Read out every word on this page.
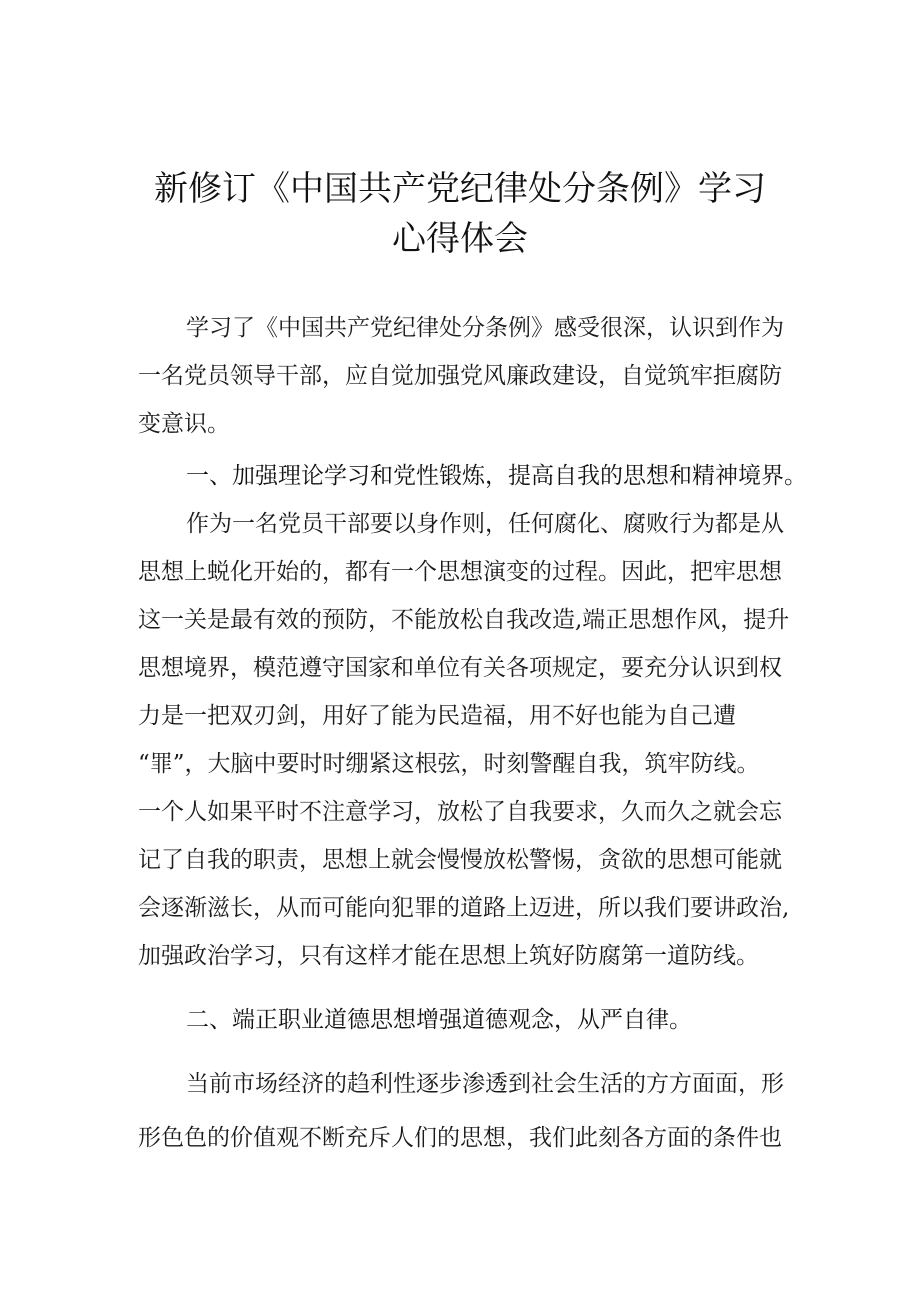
新修订《中国共产党纪律处分条例》学习
心得体会
学习了《中国共产党纪律处分条例》感受很深，认识到作为
一名党员领导干部，应自觉加强党风廉政建设，自觉筑牢拒腐防
变意识。
一、加强理论学习和党性锻炼，提高自我的思想和精神境界。
作为一名党员干部要以身作则，任何腐化、腐败行为都是从
思想上蜕化开始的，都有一个思想演变的过程。因此，把牢思想
这一关是最有效的预防，不能放松自我改造,端正思想作风，提升
思想境界，模范遵守国家和单位有关各项规定，要充分认识到权
力是一把双刃剑，用好了能为民造福，用不好也能为自己遭
“罪”，大脑中要时时绷紧这根弦，时刻警醒自我，筑牢防线。
一个人如果平时不注意学习，放松了自我要求，久而久之就会忘
记了自我的职责，思想上就会慢慢放松警惕，贪欲的思想可能就
会逐渐滋长，从而可能向犯罪的道路上迈进，所以我们要讲政治,
加强政治学习，只有这样才能在思想上筑好防腐第一道防线。
二、端正职业道德思想增强道德观念，从严自律。
当前市场经济的趋利性逐步渗透到社会生活的方方面面，形
形色色的价值观不断充斥人们的思想，我们此刻各方面的条件也
